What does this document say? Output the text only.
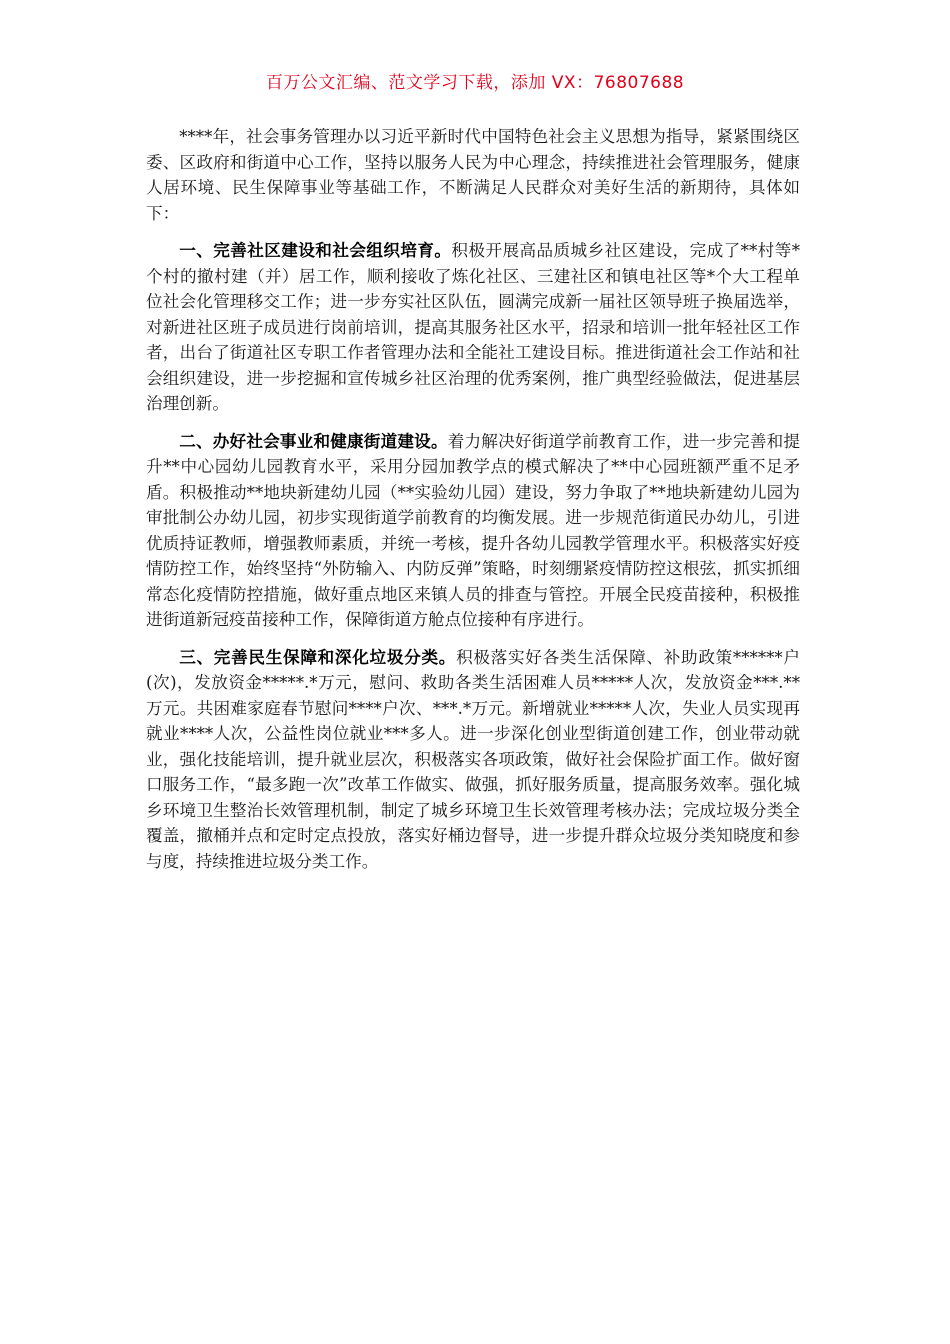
百万公文汇编、范文学习下载，添加 VX：76807688

****年，社会事务管理办以习近平新时代中国特色社会主义思想为指导，紧紧围绕区委、区政府和街道中心工作，坚持以服务人民为中心理念，持续推进社会管理服务，健康人居环境、民生保障事业等基础工作，不断满足人民群众对美好生活的新期待，具体如下：

一、完善社区建设和社会组织培育。积极开展高品质城乡社区建设，完成了**村等*个村的撤村建（并）居工作，顺利接收了炼化社区、三建社区和镇电社区等*个大工程单位社会化管理移交工作；进一步夯实社区队伍，圆满完成新一届社区领导班子换届选举，对新进社区班子成员进行岗前培训，提高其服务社区水平，招录和培训一批年轻社区工作者，出台了街道社区专职工作者管理办法和全能社工建设目标。推进街道社会工作站和社会组织建设，进一步挖掘和宣传城乡社区治理的优秀案例，推广典型经验做法，促进基层治理创新。

二、办好社会事业和健康街道建设。着力解决好街道学前教育工作，进一步完善和提升**中心园幼儿园教育水平，采用分园加教学点的模式解决了**中心园班额严重不足矛盾。积极推动**地块新建幼儿园（**实验幼儿园）建设，努力争取了**地块新建幼儿园为审批制公办幼儿园，初步实现街道学前教育的均衡发展。进一步规范街道民办幼儿，引进优质持证教师，增强教师素质，并统一考核，提升各幼儿园教学管理水平。积极落实好疫情防控工作，始终坚持“外防输入、内防反弹”策略，时刻绷紧疫情防控这根弦，抓实抓细常态化疫情防控措施，做好重点地区来镇人员的排查与管控。开展全民疫苗接种，积极推进街道新冠疫苗接种工作，保障街道方舱点位接种有序进行。

三、完善民生保障和深化垃圾分类。积极落实好各类生活保障、补助政策******户(次)，发放资金*****.*万元，慰问、救助各类生活困难人员*****人次，发放资金***.**万元。共困难家庭春节慰问****户次、***.*万元。新增就业*****人次，失业人员实现再就业****人次，公益性岗位就业***多人。进一步深化创业型街道创建工作，创业带动就业，强化技能培训，提升就业层次，积极落实各项政策，做好社会保险扩面工作。做好窗口服务工作，“最多跑一次”改革工作做实、做强，抓好服务质量，提高服务效率。强化城乡环境卫生整治长效管理机制，制定了城乡环境卫生长效管理考核办法；完成垃圾分类全覆盖，撤桶并点和定时定点投放，落实好桶边督导，进一步提升群众垃圾分类知晓度和参与度，持续推进垃圾分类工作。
